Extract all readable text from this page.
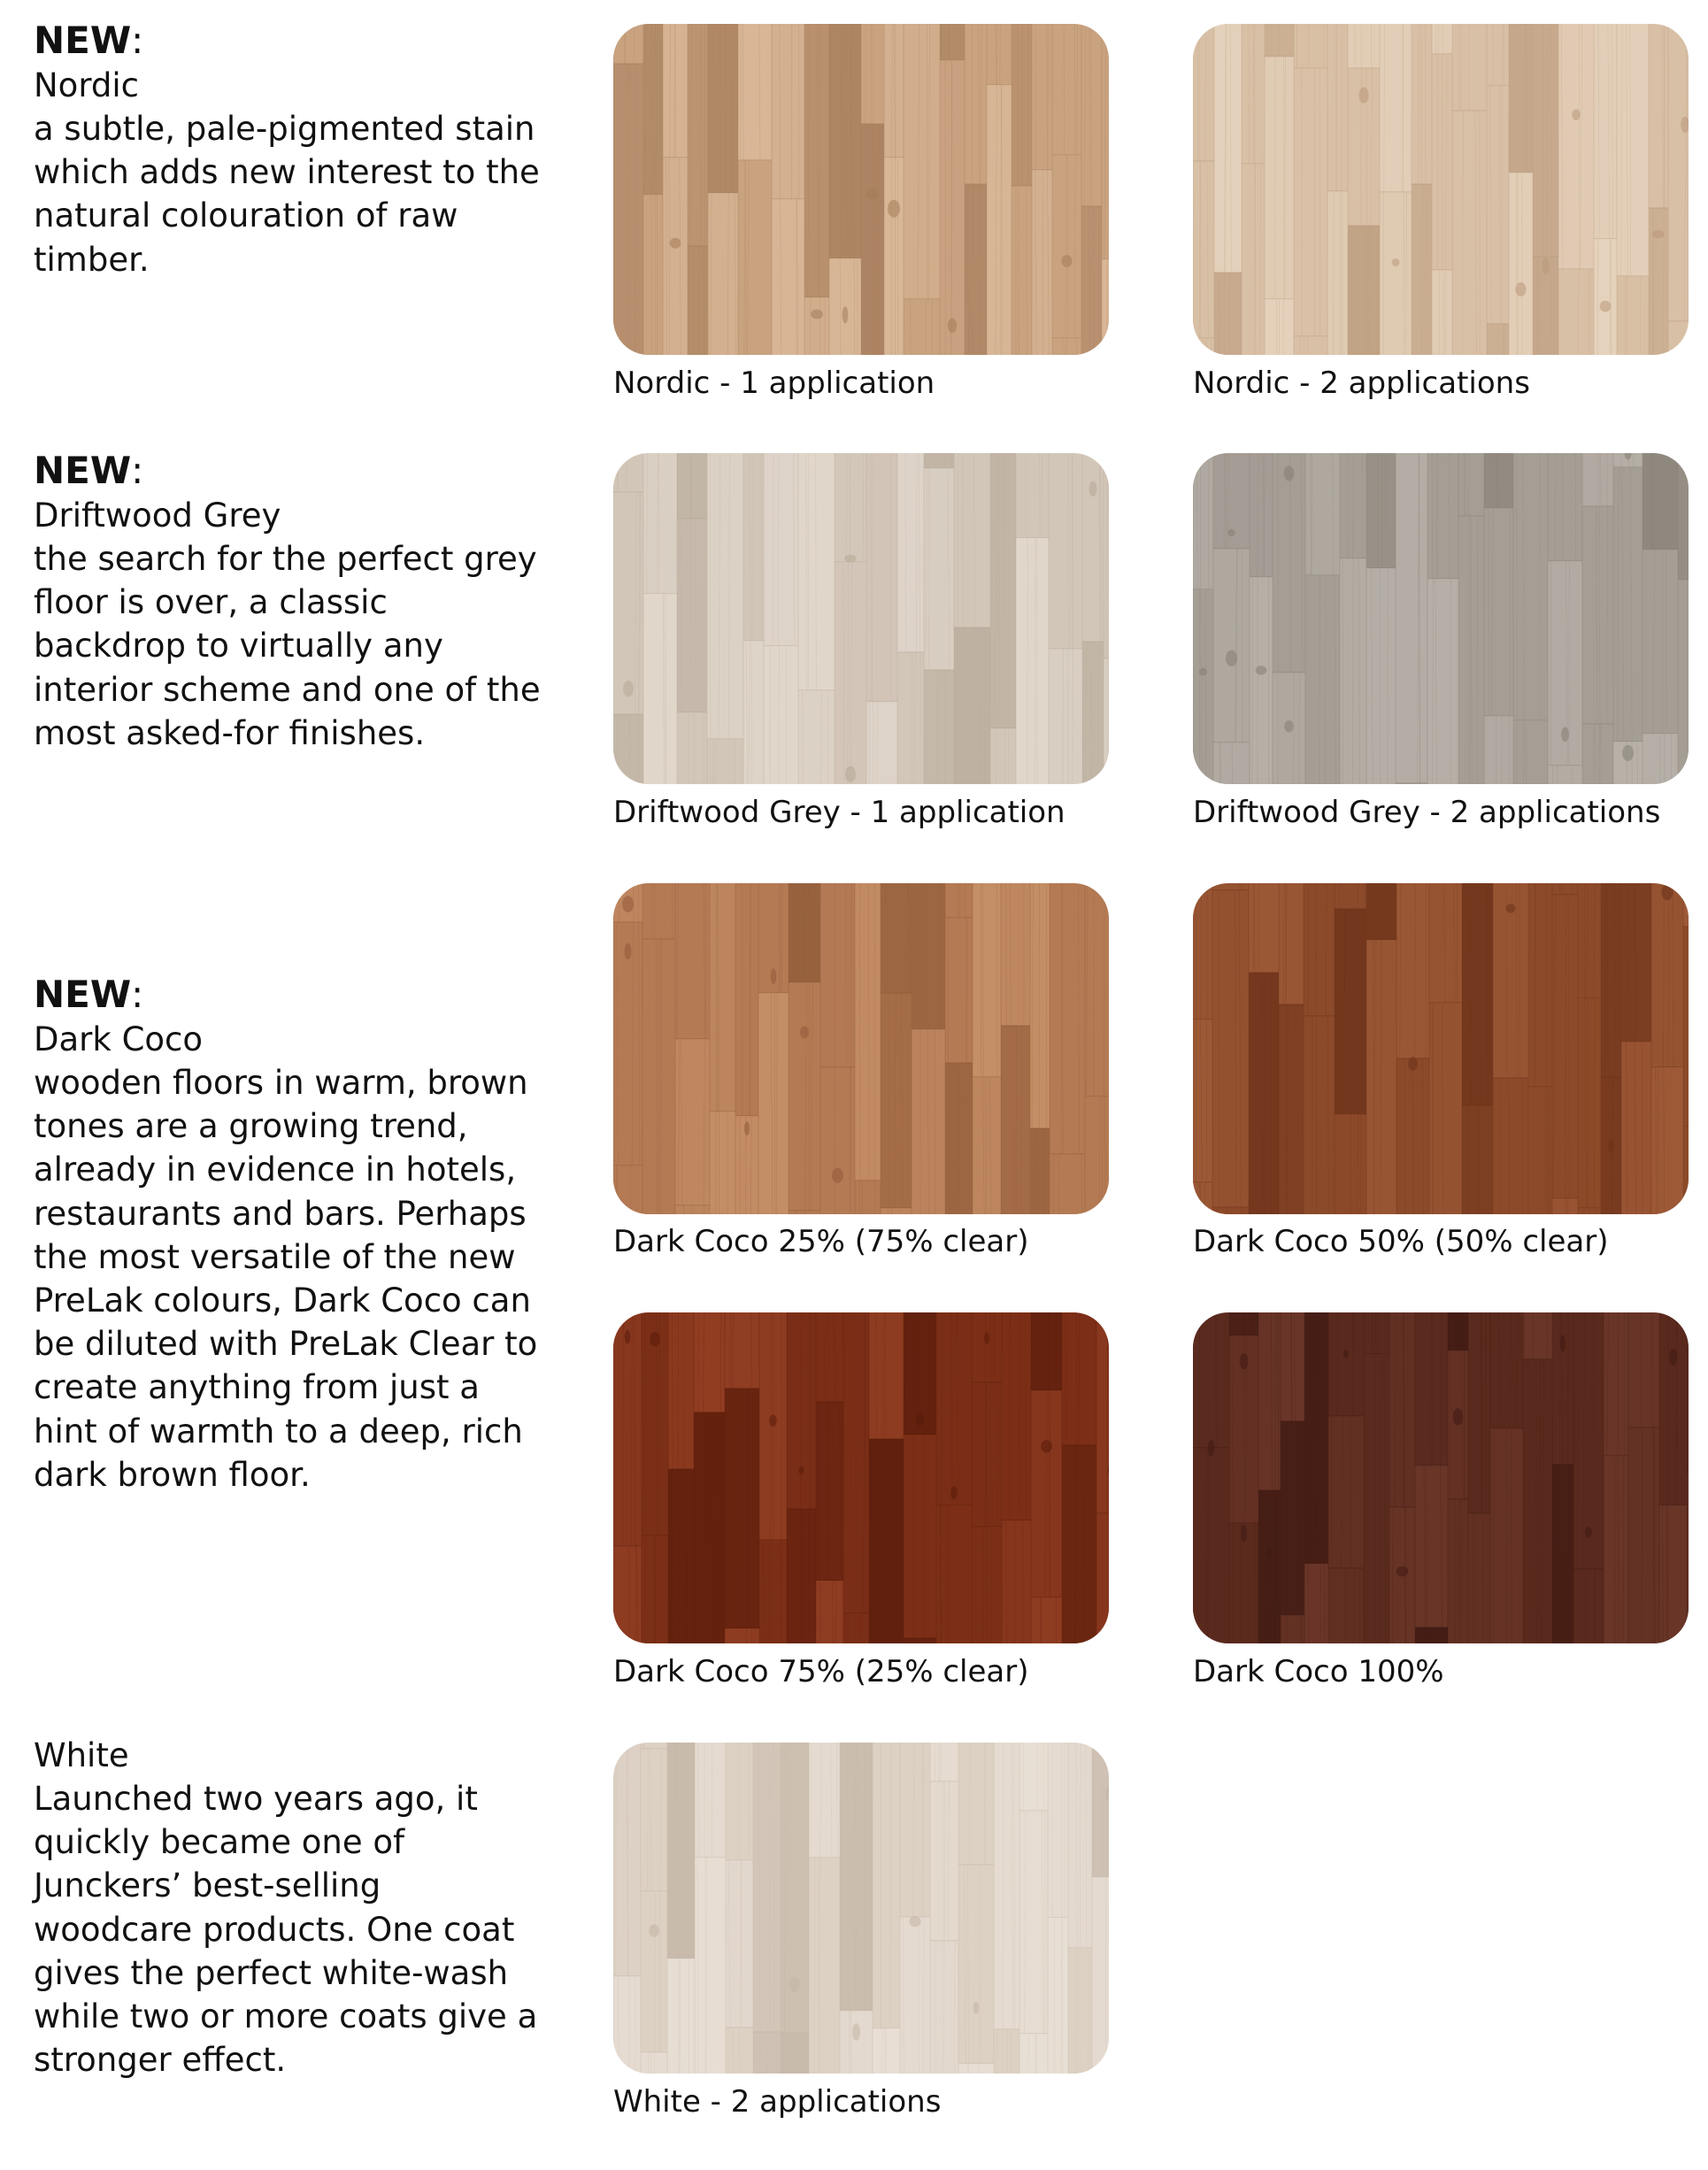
NEW:
Nordic
a subtle, pale-pigmented stain which adds new interest to the natural colouration of raw timber.
Nordic - 1 application	Nordic - 2 applications
NEW:
Driftwood Grey
the search for the perfect grey floor is over, a classic backdrop to virtually any interior scheme and one of the most asked-for finishes.
Driftwood Grey - 1 application	Driftwood Grey - 2 applications
NEW:
Dark Coco
wooden floors in warm, brown tones are a growing trend, already in evidence in hotels, restaurants and bars. Perhaps the most versatile of the new PreLak colours, Dark Coco can be diluted with PreLak Clear to create anything from just a hint of warmth to a deep, rich dark brown floor.
Dark Coco 25% (75% clear)	Dark Coco 50% (50% clear)
Dark Coco 75% (25% clear)	Dark Coco 100%
White
Launched two years ago, it quickly became one of Junckers’ best-selling woodcare products. One coat gives the perfect white-wash while two or more coats give a stronger effect.
White - 2 applications
